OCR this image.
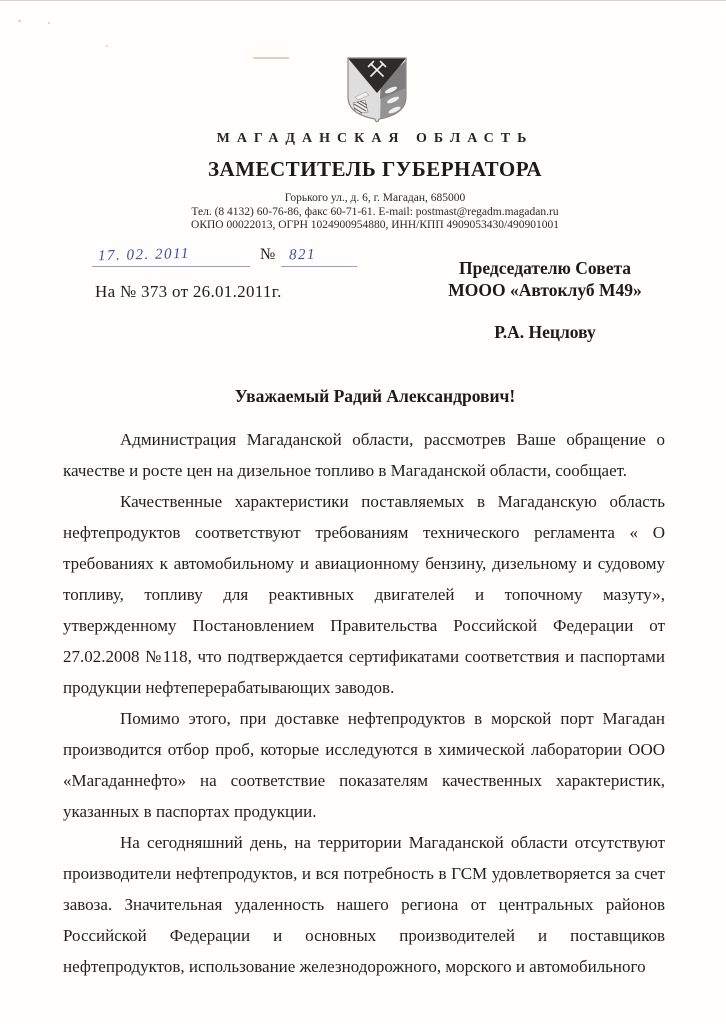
МАГАДАНСКАЯ ОБЛАСТЬ
ЗАМЕСТИТЕЛЬ ГУБЕРНАТОРА
Горького ул., д. 6, г. Магадан, 685000
Тел. (8 4132) 60-76-86, факс 60-71-61. E-mail: postmast@regadm.magadan.ru
ОКПО 00022013, ОГРН 1024900954880, ИНН/КПП 4909053430/490901001
17. 02. 2011	№ 821
На № 373 от 26.01.2011г.
Председателю Совета
МООО «Автоклуб М49»
Р.А. Нецлову
Уважаемый Радий Александрович!

Администрация Магаданской области, рассмотрев Ваше обращение о качестве и росте цен на дизельное топливо в Магаданской области, сообщает.

Качественные характеристики поставляемых в Магаданскую область нефтепродуктов соответствуют требованиям технического регламента « О требованиях к автомобильному и авиационному бензину, дизельному и судовому топливу, топливу для реактивных двигателей и топочному мазуту», утвержденному Постановлением Правительства Российской Федерации от 27.02.2008 №118, что подтверждается сертификатами соответствия и паспортами продукции нефтеперерабатывающих заводов.

Помимо этого, при доставке нефтепродуктов в морской порт Магадан производится отбор проб, которые исследуются в химической лаборатории ООО «Магаданнефто» на соответствие показателям качественных характеристик, указанных в паспортах продукции.

На сегодняшний день, на территории Магаданской области отсутствуют производители нефтепродуктов, и вся потребность в ГСМ удовлетворяется за счет завоза. Значительная удаленность нашего региона от центральных районов Российской Федерации и основных производителей и поставщиков нефтепродуктов, использование железнодорожного, морского и автомобильного
